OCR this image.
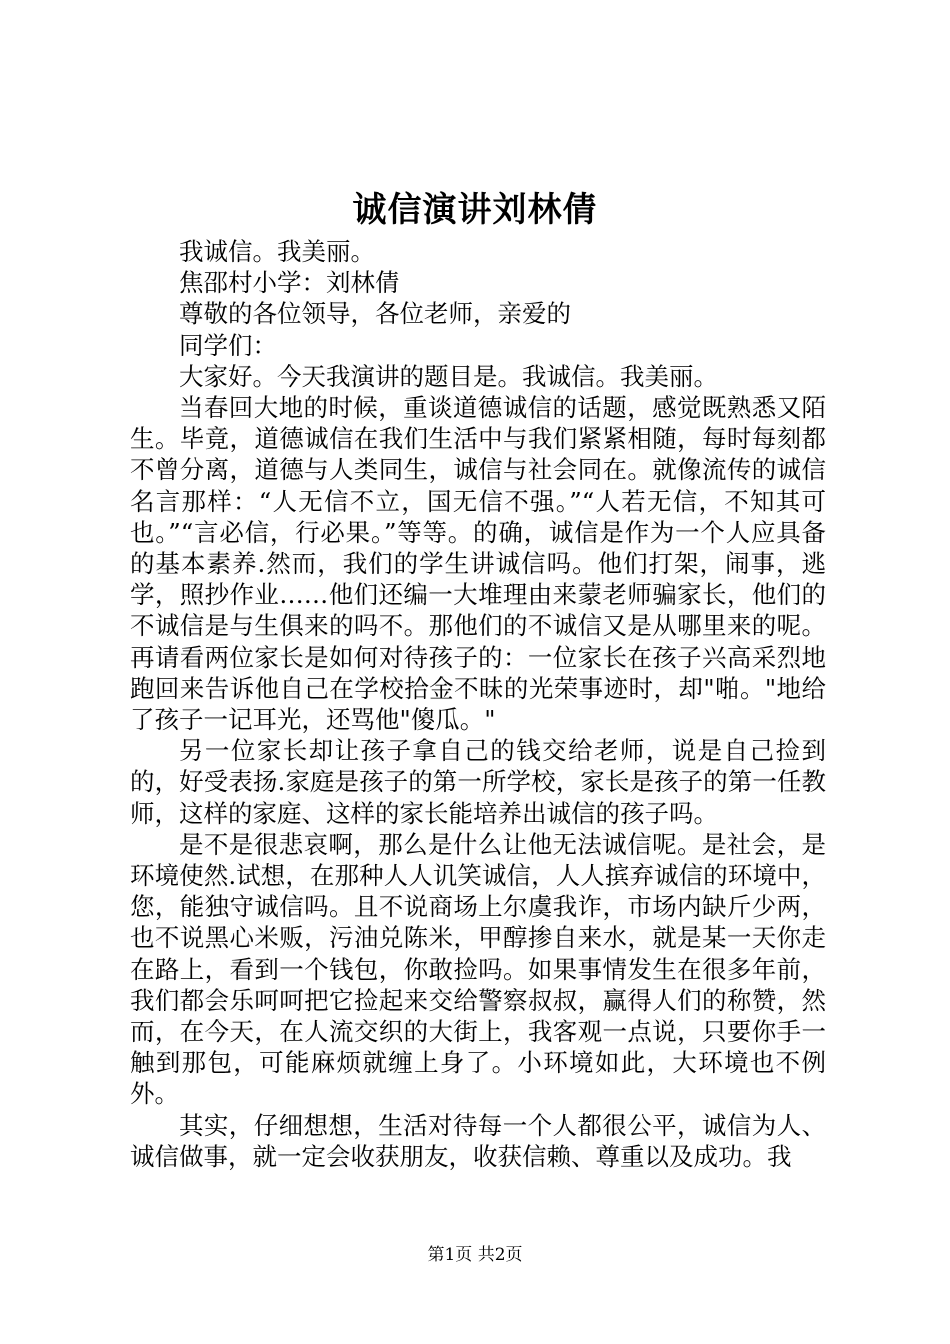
诚信演讲刘林倩

我诚信。我美丽。

焦邵村小学：刘林倩

尊敬的各位领导，各位老师，亲爱的

同学们：

大家好。今天我演讲的题目是。我诚信。我美丽。

当春回大地的时候，重谈道德诚信的话题，感觉既熟悉又陌生。毕竟，道德诚信在我们生活中与我们紧紧相随，每时每刻都不曾分离，道德与人类同生，诚信与社会同在。就像流传的诚信名言那样：“人无信不立，国无信不强。”“人若无信，不知其可也。”“言必信，行必果。”等等。的确，诚信是作为一个人应具备的基本素养.然而，我们的学生讲诚信吗。他们打架，闹事，逃学，照抄作业……他们还编一大堆理由来蒙老师骗家长，他们的不诚信是与生俱来的吗不。那他们的不诚信又是从哪里来的呢。再请看两位家长是如何对待孩子的：一位家长在孩子兴高采烈地跑回来告诉他自己在学校拾金不昧的光荣事迹时，却"啪。"地给了孩子一记耳光，还骂他"傻瓜。"

另一位家长却让孩子拿自己的钱交给老师，说是自己捡到的，好受表扬.家庭是孩子的第一所学校，家长是孩子的第一任教师，这样的家庭、这样的家长能培养出诚信的孩子吗。

是不是很悲哀啊，那么是什么让他无法诚信呢。是社会，是环境使然.试想，在那种人人讥笑诚信，人人摈弃诚信的环境中，您，能独守诚信吗。且不说商场上尔虞我诈，市场内缺斤少两，也不说黑心米贩，污油兑陈米，甲醇掺自来水，就是某一天你走在路上，看到一个钱包，你敢捡吗。如果事情发生在很多年前，我们都会乐呵呵把它捡起来交给警察叔叔，赢得人们的称赞，然而，在今天，在人流交织的大街上，我客观一点说，只要你手一触到那包，可能麻烦就缠上身了。小环境如此，大环境也不例外。

其实，仔细想想，生活对待每一个人都很公平，诚信为人、诚信做事，就一定会收获朋友，收获信赖、尊重以及成功。我

第1页 共2页
